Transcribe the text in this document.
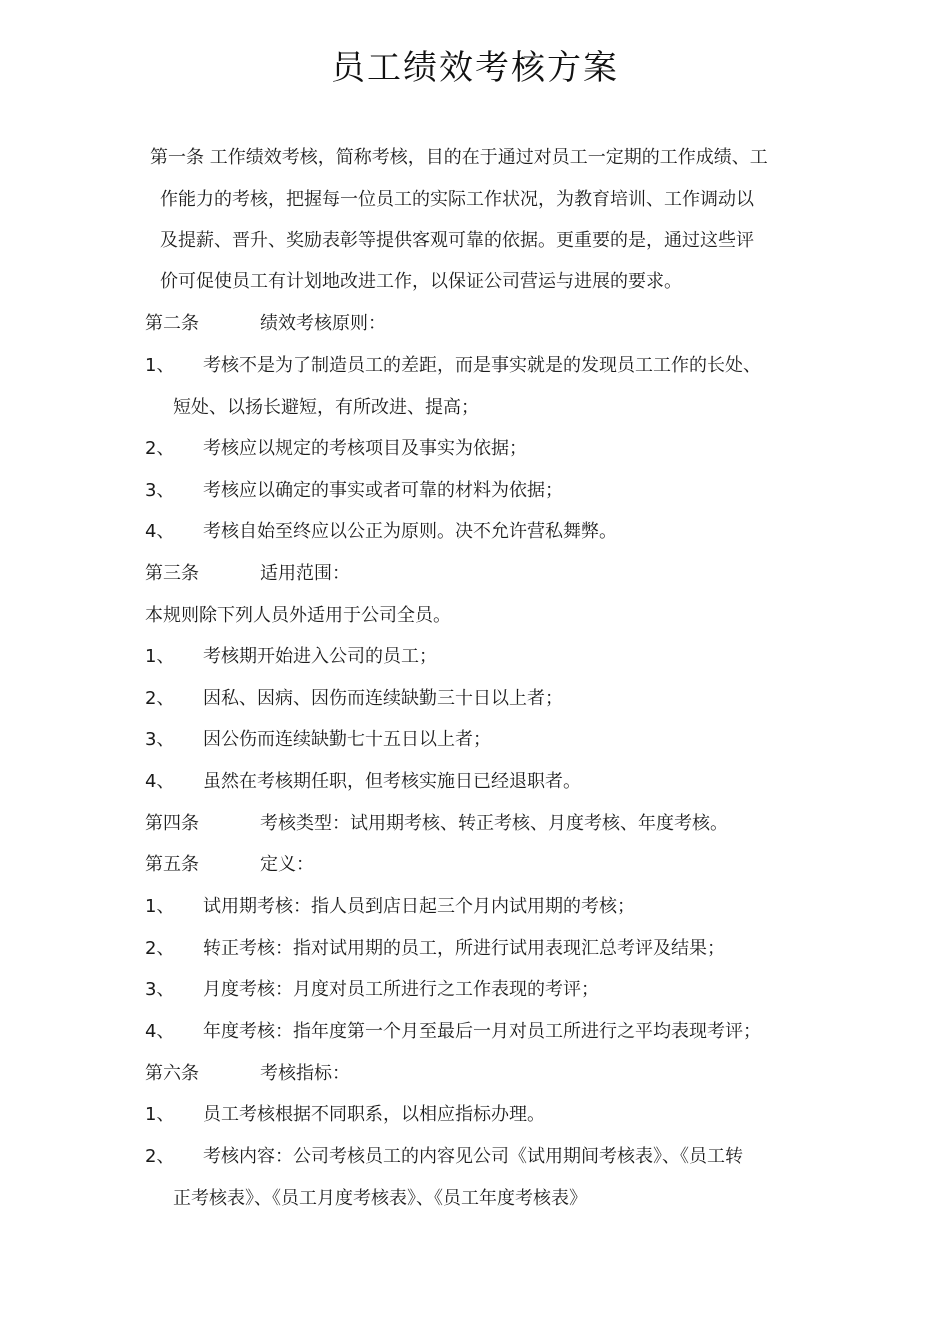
员工绩效考核方案
第一条 工作绩效考核，简称考核，目的在于通过对员工一定期的工作成绩、工
作能力的考核，把握每一位员工的实际工作状况，为教育培训、工作调动以
及提薪、晋升、奖励表彰等提供客观可靠的依据。更重要的是，通过这些评
价可促使员工有计划地改进工作，以保证公司营运与进展的要求。
第二条	绩效考核原则：
1、 考核不是为了制造员工的差距，而是事实就是的发现员工工作的长处、
短处、以扬长避短，有所改进、提高；
2、 考核应以规定的考核项目及事实为依据；
3、 考核应以确定的事实或者可靠的材料为依据；
4、 考核自始至终应以公正为原则。决不允许营私舞弊。
第三条	适用范围：
本规则除下列人员外适用于公司全员。
1、 考核期开始进入公司的员工；
2、 因私、因病、因伤而连续缺勤三十日以上者；
3、 因公伤而连续缺勤七十五日以上者；
4、 虽然在考核期任职，但考核实施日已经退职者。
第四条	考核类型：试用期考核、转正考核、月度考核、年度考核。
第五条	定义：
1、 试用期考核：指人员到店日起三个月内试用期的考核；
2、 转正考核：指对试用期的员工，所进行试用表现汇总考评及结果；
3、 月度考核：月度对员工所进行之工作表现的考评；
4、 年度考核：指年度第一个月至最后一月对员工所进行之平均表现考评；
第六条	考核指标：
1、 员工考核根据不同职系，以相应指标办理。
2、 考核内容：公司考核员工的内容见公司《试用期间考核表》、《员工转
正考核表》、《员工月度考核表》、《员工年度考核表》
